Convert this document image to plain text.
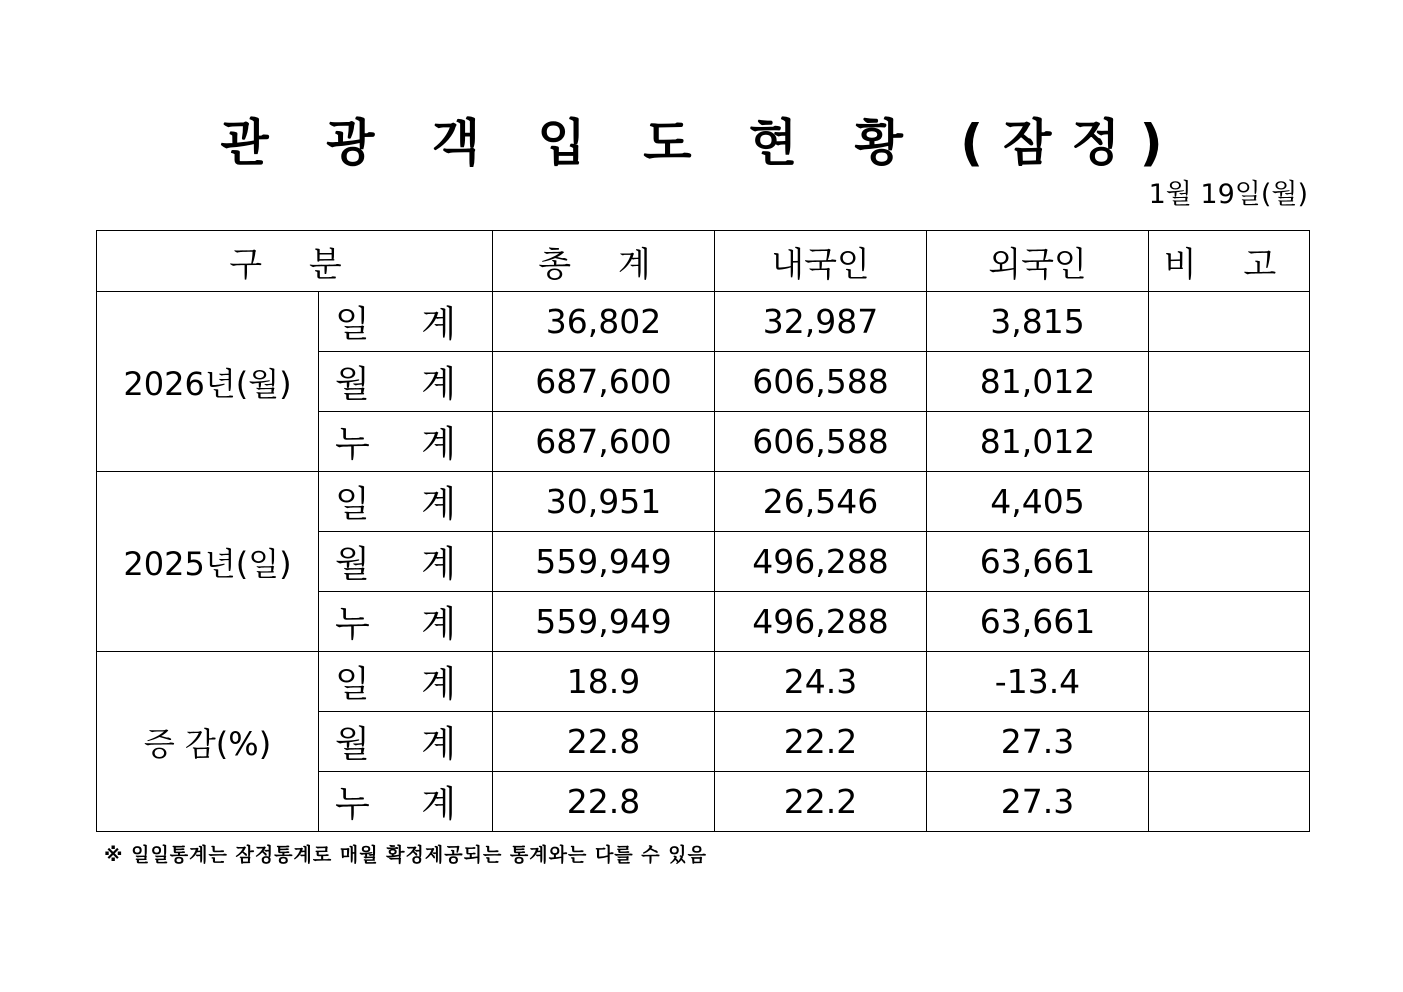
관 광 객 입 도 현 황 (잠정)
1월 19일(월)
구 분		총 계	내국인	외국인	비 고
2026년(월)	일 계	36,802	32,987	3,815	
	월 계	687,600	606,588	81,012	
	누 계	687,600	606,588	81,012	
2025년(일)	일 계	30,951	26,546	4,405	
	월 계	559,949	496,288	63,661	
	누 계	559,949	496,288	63,661	
증 감(%)	일 계	18.9	24.3	-13.4	
	월 계	22.8	22.2	27.3	
	누 계	22.8	22.2	27.3	
※ 일일통계는 잠정통계로 매월 확정제공되는 통계와는 다를 수 있음
